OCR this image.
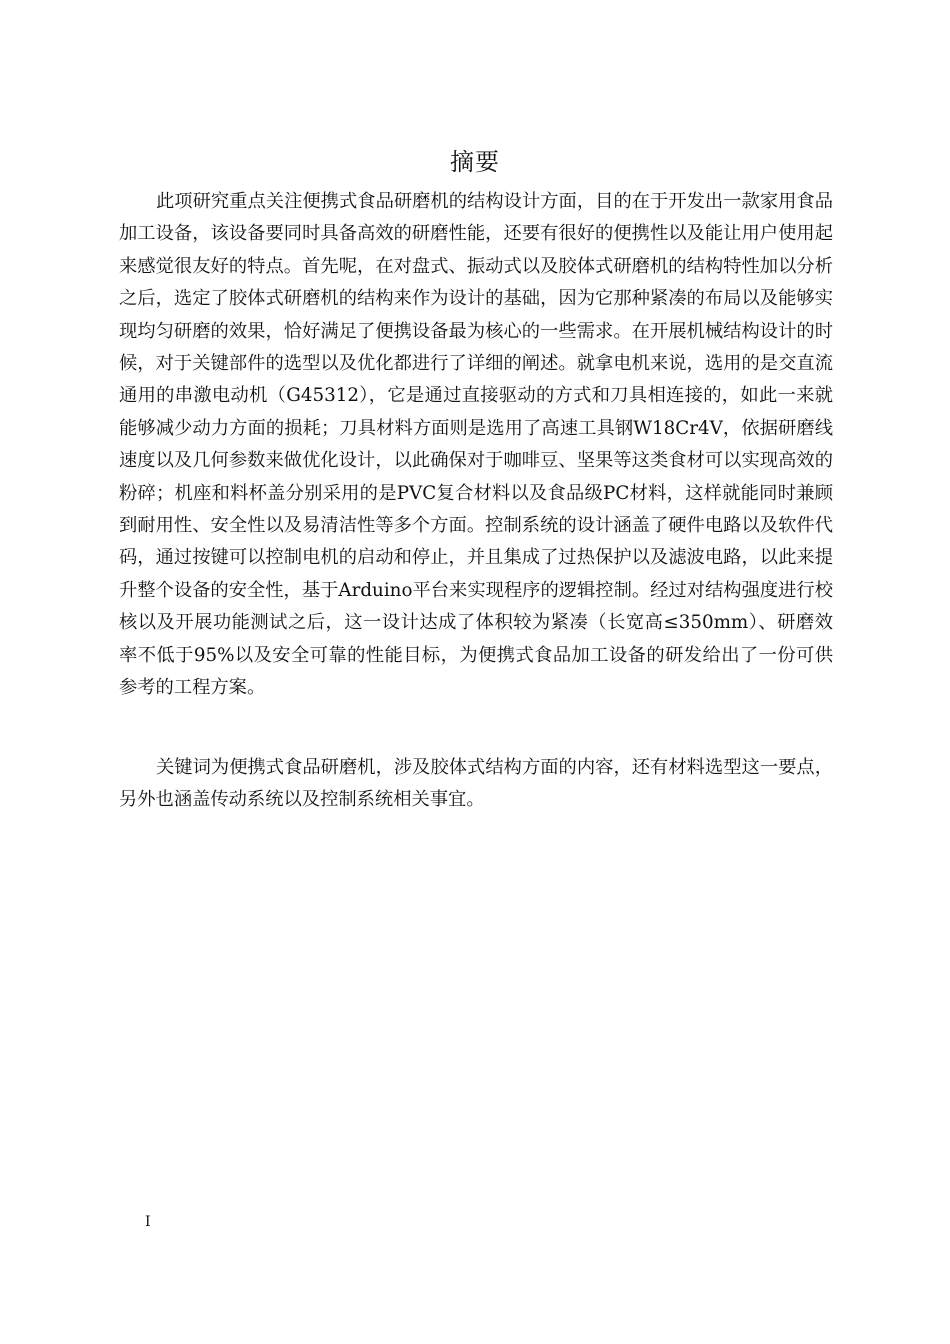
摘要

此项研究重点关注便携式食品研磨机的结构设计方面，目的在于开发出一款家用食品加工设备，该设备要同时具备高效的研磨性能，还要有很好的便携性以及能让用户使用起来感觉很友好的特点。首先呢，在对盘式、振动式以及胶体式研磨机的结构特性加以分析之后，选定了胶体式研磨机的结构来作为设计的基础，因为它那种紧凑的布局以及能够实现均匀研磨的效果，恰好满足了便携设备最为核心的一些需求。在开展机械结构设计的时候，对于关键部件的选型以及优化都进行了详细的阐述。就拿电机来说，选用的是交直流通用的串激电动机（G45312），它是通过直接驱动的方式和刀具相连接的，如此一来就能够减少动力方面的损耗；刀具材料方面则是选用了高速工具钢W18Cr4V，依据研磨线速度以及几何参数来做优化设计，以此确保对于咖啡豆、坚果等这类食材可以实现高效的粉碎；机座和料杯盖分别采用的是PVC复合材料以及食品级PC材料，这样就能同时兼顾到耐用性、安全性以及易清洁性等多个方面。控制系统的设计涵盖了硬件电路以及软件代码，通过按键可以控制电机的启动和停止，并且集成了过热保护以及滤波电路，以此来提升整个设备的安全性，基于Arduino平台来实现程序的逻辑控制。经过对结构强度进行校核以及开展功能测试之后，这一设计达成了体积较为紧凑（长宽高≤350mm）、研磨效率不低于95%以及安全可靠的性能目标，为便携式食品加工设备的研发给出了一份可供参考的工程方案。

关键词为便携式食品研磨机，涉及胶体式结构方面的内容，还有材料选型这一要点，另外也涵盖传动系统以及控制系统相关事宜。

I
